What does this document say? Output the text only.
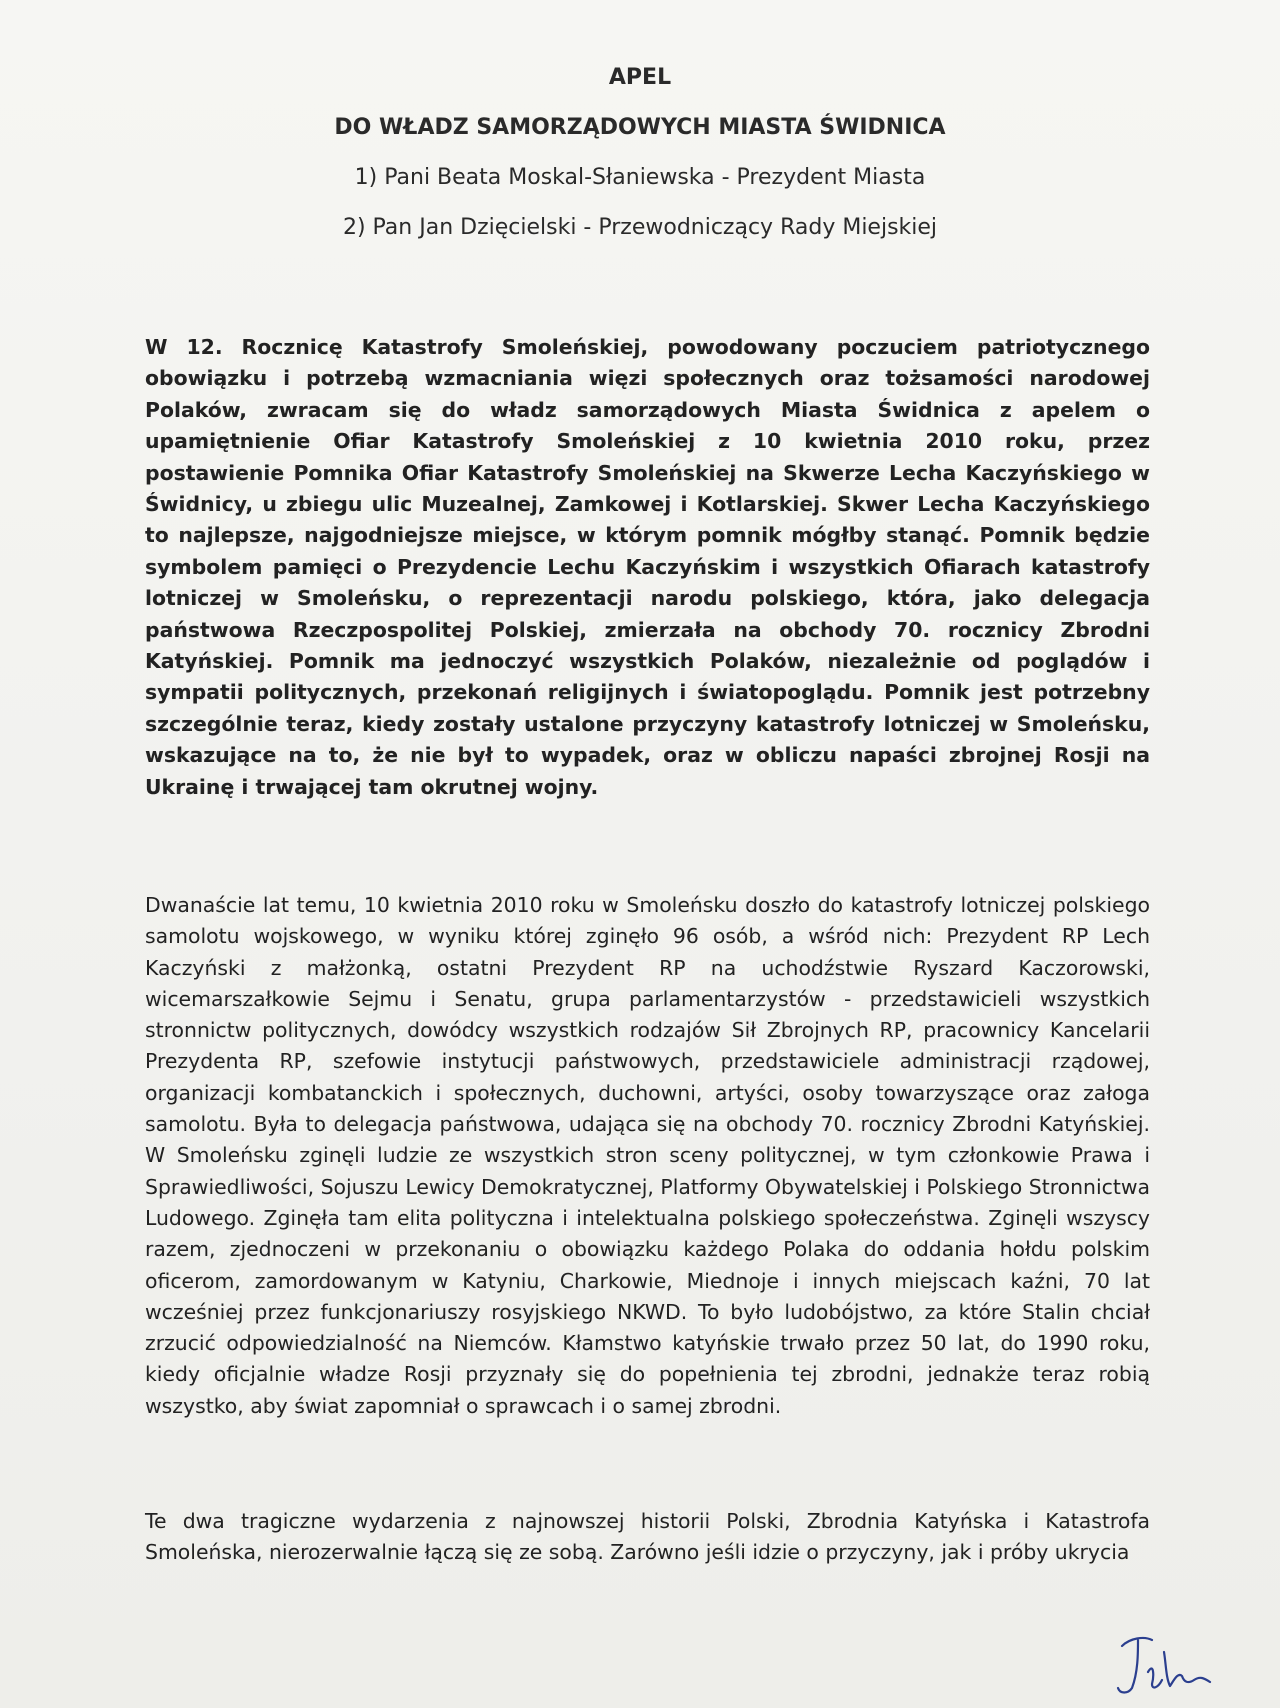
APEL
DO WŁADZ SAMORZĄDOWYCH MIASTA ŚWIDNICA
1) Pani Beata Moskal-Słaniewska - Prezydent Miasta
2) Pan Jan Dzięcielski - Przewodniczący Rady Miejskiej

W 12. Rocznicę Katastrofy Smoleńskiej, powodowany poczuciem patriotycznego obowiązku i potrzebą wzmacniania więzi społecznych oraz tożsamości narodowej Polaków, zwracam się do władz samorządowych Miasta Świdnica z apelem o upamiętnienie Ofiar Katastrofy Smoleńskiej z 10 kwietnia 2010 roku, przez postawienie Pomnika Ofiar Katastrofy Smoleńskiej na Skwerze Lecha Kaczyńskiego w Świdnicy, u zbiegu ulic Muzealnej, Zamkowej i Kotlarskiej. Skwer Lecha Kaczyńskiego to najlepsze, najgodniejsze miejsce, w którym pomnik mógłby stanąć. Pomnik będzie symbolem pamięci o Prezydencie Lechu Kaczyńskim i wszystkich Ofiarach katastrofy lotniczej w Smoleńsku, o reprezentacji narodu polskiego, która, jako delegacja państwowa Rzeczpospolitej Polskiej, zmierzała na obchody 70. rocznicy Zbrodni Katyńskiej. Pomnik ma jednoczyć wszystkich Polaków, niezależnie od poglądów i sympatii politycznych, przekonań religijnych i światopoglądu. Pomnik jest potrzebny szczególnie teraz, kiedy zostały ustalone przyczyny katastrofy lotniczej w Smoleńsku, wskazujące na to, że nie był to wypadek, oraz w obliczu napaści zbrojnej Rosji na Ukrainę i trwającej tam okrutnej wojny.

Dwanaście lat temu, 10 kwietnia 2010 roku w Smoleńsku doszło do katastrofy lotniczej polskiego samolotu wojskowego, w wyniku której zginęło 96 osób, a wśród nich: Prezydent RP Lech Kaczyński z małżonką, ostatni Prezydent RP na uchodźstwie Ryszard Kaczorowski, wicemarszałkowie Sejmu i Senatu, grupa parlamentarzystów - przedstawicieli wszystkich stronnictw politycznych, dowódcy wszystkich rodzajów Sił Zbrojnych RP, pracownicy Kancelarii Prezydenta RP, szefowie instytucji państwowych, przedstawiciele administracji rządowej, organizacji kombatanckich i społecznych, duchowni, artyści, osoby towarzyszące oraz załoga samolotu. Była to delegacja państwowa, udająca się na obchody 70. rocznicy Zbrodni Katyńskiej. W Smoleńsku zginęli ludzie ze wszystkich stron sceny politycznej, w tym członkowie Prawa i Sprawiedliwości, Sojuszu Lewicy Demokratycznej, Platformy Obywatelskiej i Polskiego Stronnictwa Ludowego. Zginęła tam elita polityczna i intelektualna polskiego społeczeństwa. Zginęli wszyscy razem, zjednoczeni w przekonaniu o obowiązku każdego Polaka do oddania hołdu polskim oficerom, zamordowanym w Katyniu, Charkowie, Miednoje i innych miejscach kaźni, 70 lat wcześniej przez funkcjonariuszy rosyjskiego NKWD. To było ludobójstwo, za które Stalin chciał zrzucić odpowiedzialność na Niemców. Kłamstwo katyńskie trwało przez 50 lat, do 1990 roku, kiedy oficjalnie władze Rosji przyznały się do popełnienia tej zbrodni, jednakże teraz robią wszystko, aby świat zapomniał o sprawcach i o samej zbrodni.

Te dwa tragiczne wydarzenia z najnowszej historii Polski, Zbrodnia Katyńska i Katastrofa Smoleńska, nierozerwalnie łączą się ze sobą. Zarówno jeśli idzie o przyczyny, jak i próby ukrycia
